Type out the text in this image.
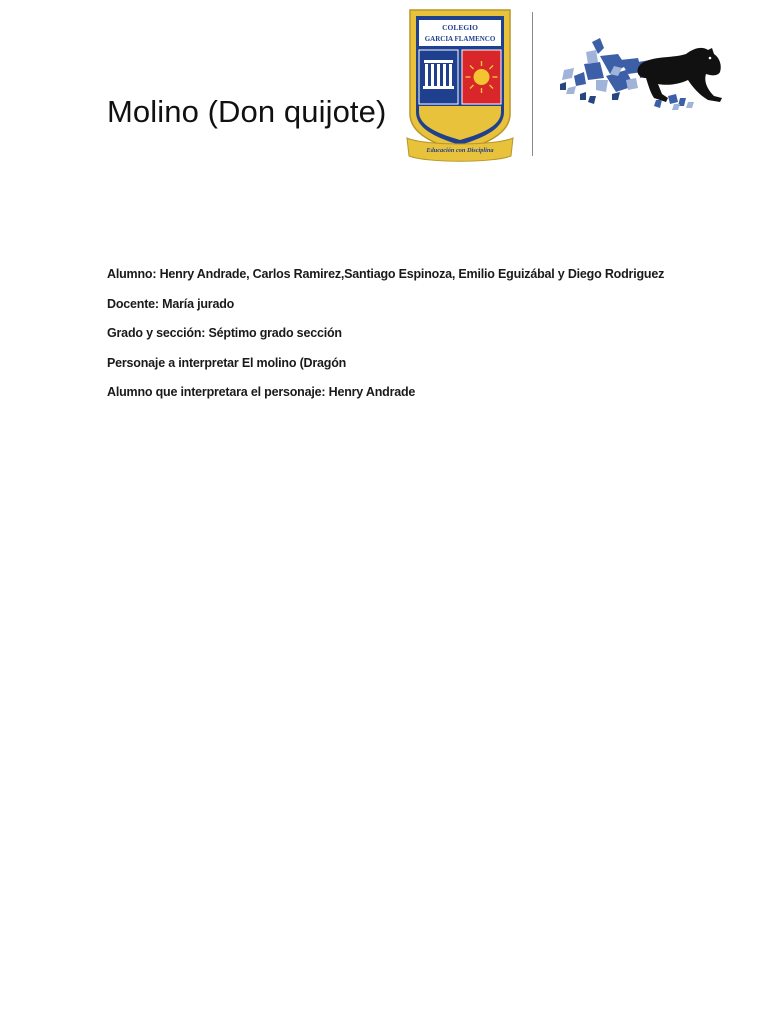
Molino (Don quijote)
COLEGIO
GARCIA FLAMENCO
Educación con Disciplina
Alumno: Henry Andrade, Carlos Ramirez,Santiago Espinoza, Emilio Eguizábal y Diego Rodriguez
Docente: María jurado
Grado y sección: Séptimo grado sección
Personaje a interpretar El molino (Dragón
Alumno que interpretara el personaje: Henry Andrade
